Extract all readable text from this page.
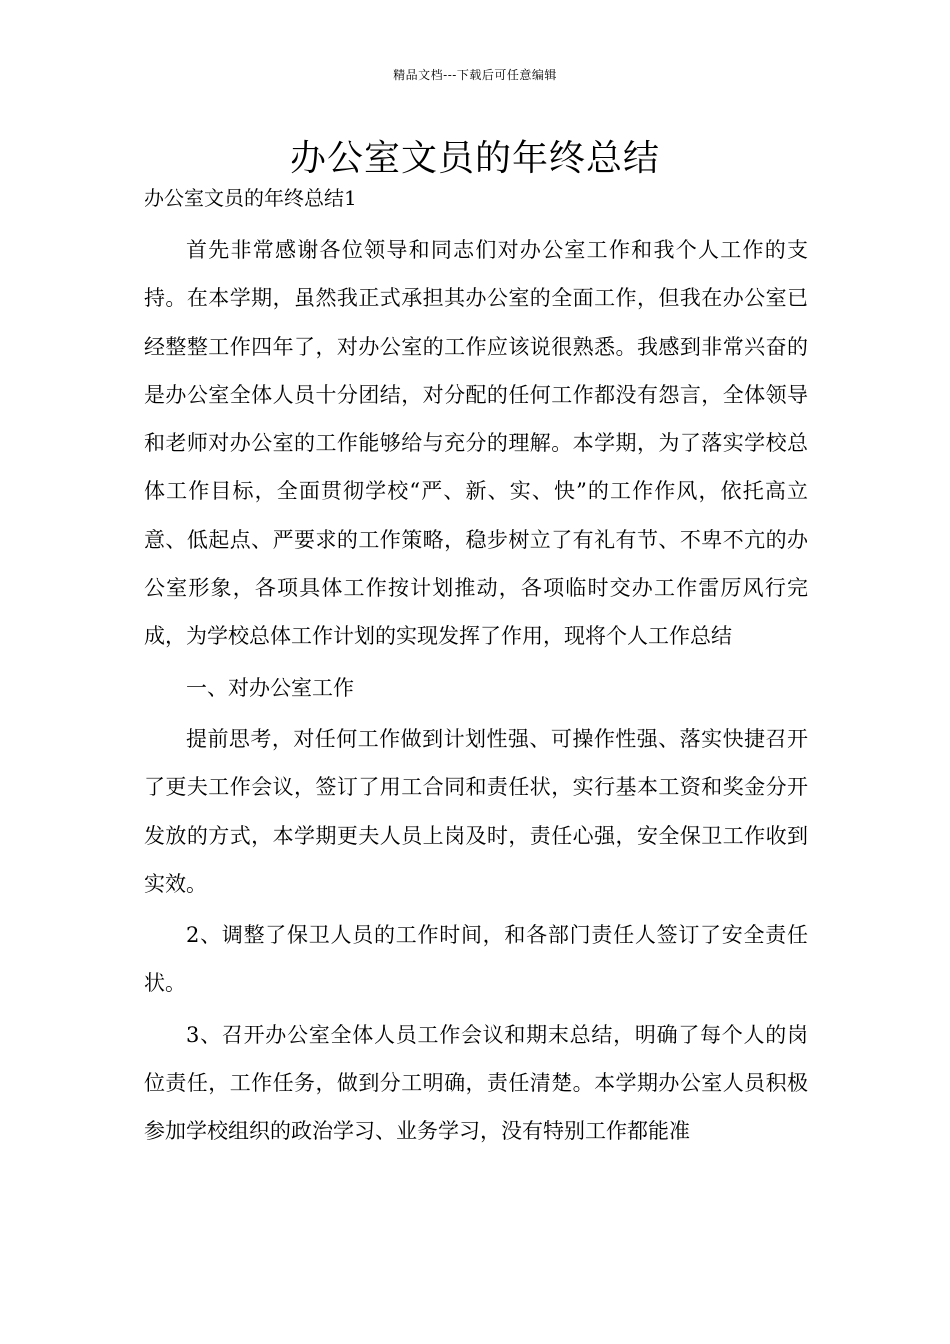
精品文档---下载后可任意编辑
办公室文员的年终总结
办公室文员的年终总结1

首先非常感谢各位领导和同志们对办公室工作和我个人工作的支持。在本学期，虽然我正式承担其办公室的全面工作，但我在办公室已经整整工作四年了，对办公室的工作应该说很熟悉。我感到非常兴奋的是办公室全体人员十分团结，对分配的任何工作都没有怨言，全体领导和老师对办公室的工作能够给与充分的理解。本学期，为了落实学校总体工作目标，全面贯彻学校“严、新、实、快”的工作作风，依托高立意、低起点、严要求的工作策略，稳步树立了有礼有节、不卑不亢的办公室形象，各项具体工作按计划推动，各项临时交办工作雷厉风行完成，为学校总体工作计划的实现发挥了作用，现将个人工作总结

一、对办公室工作

提前思考，对任何工作做到计划性强、可操作性强、落实快捷召开了更夫工作会议，签订了用工合同和责任状，实行基本工资和奖金分开发放的方式，本学期更夫人员上岗及时，责任心强，安全保卫工作收到实效。

2、调整了保卫人员的工作时间，和各部门责任人签订了安全责任状。

3、召开办公室全体人员工作会议和期末总结，明确了每个人的岗位责任，工作任务，做到分工明确，责任清楚。本学期办公室人员积极参加学校组织的政治学习、业务学习，没有特别工作都能准
